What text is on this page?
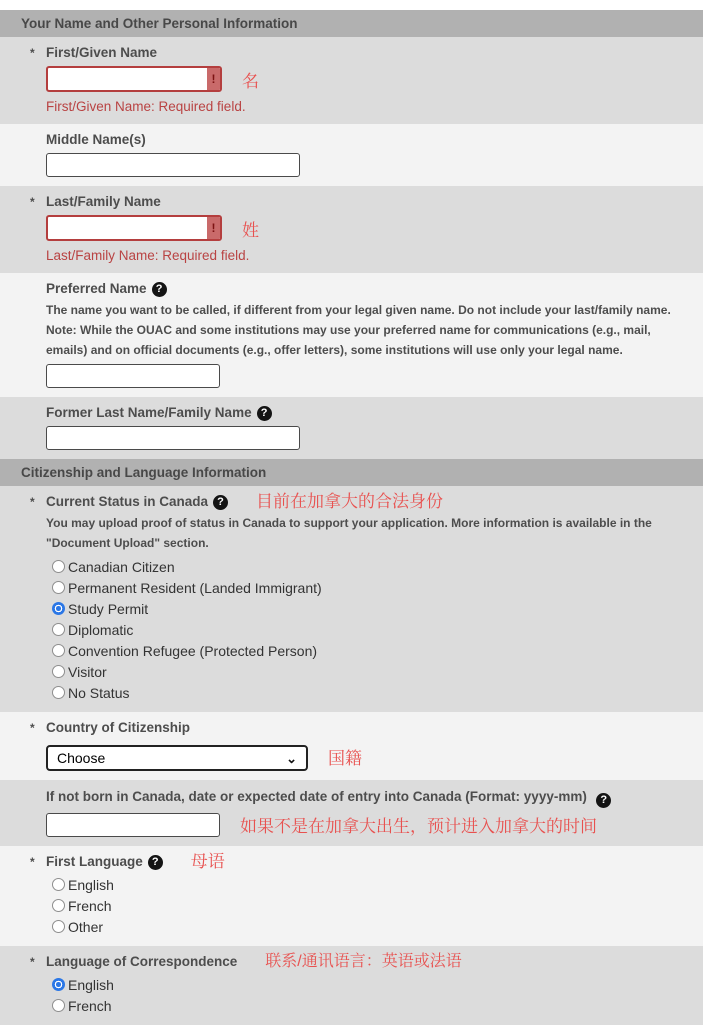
Your Name and Other Personal Information
* First/Given Name
! 名
First/Given Name: Required field.
Middle Name(s)
* Last/Family Name
! 姓
Last/Family Name: Required field.
Preferred Name ?
The name you want to be called, if different from your legal given name. Do not include your last/family name. Note: While the OUAC and some institutions may use your preferred name for communications (e.g., mail, emails) and on official documents (e.g., offer letters), some institutions will use only your legal name.
Former Last Name/Family Name ?
Citizenship and Language Information
* Current Status in Canada ? 目前在加拿大的合法身份
You may upload proof of status in Canada to support your application. More information is available in the "Document Upload" section.
Canadian Citizen
Permanent Resident (Landed Immigrant)
Study Permit
Diplomatic
Convention Refugee (Protected Person)
Visitor
No Status
* Country of Citizenship
Choose	⌄ 国籍
If not born in Canada, date or expected date of entry into Canada (Format: yyyy-mm) ?
如果不是在加拿大出生，预计进入加拿大的时间
* First Language ? 母语
English
French
Other
* Language of Correspondence 联系/通讯语言：英语或法语
English
French
